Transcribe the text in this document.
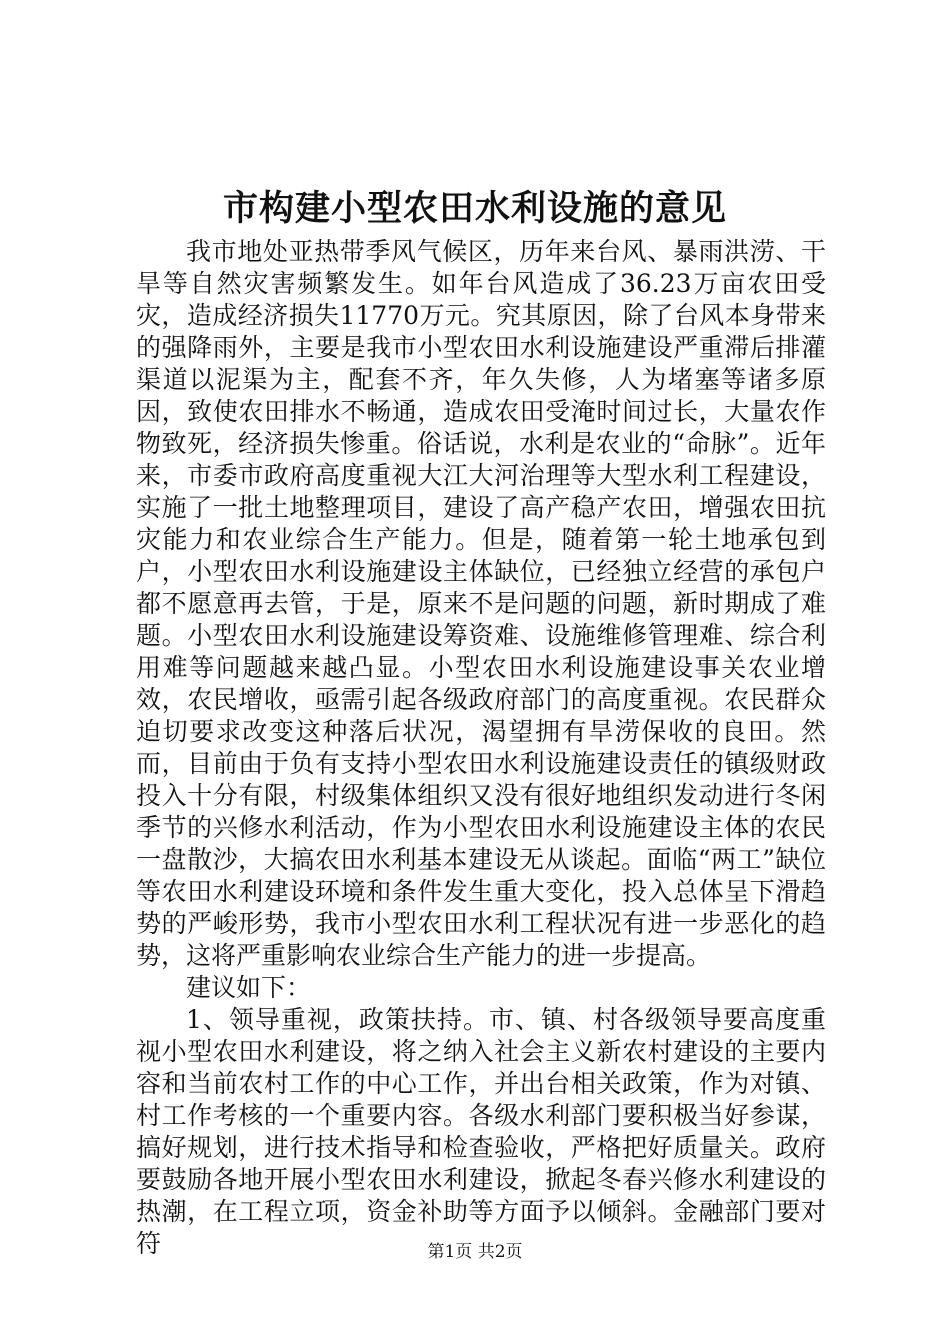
市构建小型农田水利设施的意见

我市地处亚热带季风气候区，历年来台风、暴雨洪涝、干旱等自然灾害频繁发生。如年台风造成了36.23万亩农田受灾，造成经济损失11770万元。究其原因，除了台风本身带来的强降雨外，主要是我市小型农田水利设施建设严重滞后排灌渠道以泥渠为主，配套不齐，年久失修，人为堵塞等诸多原因，致使农田排水不畅通，造成农田受淹时间过长，大量农作物致死，经济损失惨重。俗话说，水利是农业的“命脉”。近年来，市委市政府高度重视大江大河治理等大型水利工程建设，实施了一批土地整理项目，建设了高产稳产农田，增强农田抗灾能力和农业综合生产能力。但是，随着第一轮土地承包到户，小型农田水利设施建设主体缺位，已经独立经营的承包户都不愿意再去管，于是，原来不是问题的问题，新时期成了难题。小型农田水利设施建设筹资难、设施维修管理难、综合利用难等问题越来越凸显。小型农田水利设施建设事关农业增效，农民增收，亟需引起各级政府部门的高度重视。农民群众迫切要求改变这种落后状况，渴望拥有旱涝保收的良田。然而，目前由于负有支持小型农田水利设施建设责任的镇级财政投入十分有限，村级集体组织又没有很好地组织发动进行冬闲季节的兴修水利活动，作为小型农田水利设施建设主体的农民一盘散沙，大搞农田水利基本建设无从谈起。面临“两工”缺位等农田水利建设环境和条件发生重大变化，投入总体呈下滑趋势的严峻形势，我市小型农田水利工程状况有进一步恶化的趋势，这将严重影响农业综合生产能力的进一步提高。

建议如下：

1、领导重视，政策扶持。市、镇、村各级领导要高度重视小型农田水利建设，将之纳入社会主义新农村建设的主要内容和当前农村工作的中心工作，并出台相关政策，作为对镇、村工作考核的一个重要内容。各级水利部门要积极当好参谋，搞好规划，进行技术指导和检查验收，严格把好质量关。政府要鼓励各地开展小型农田水利建设，掀起冬春兴修水利建设的热潮，在工程立项，资金补助等方面予以倾斜。金融部门要对符	第1页 共2页
